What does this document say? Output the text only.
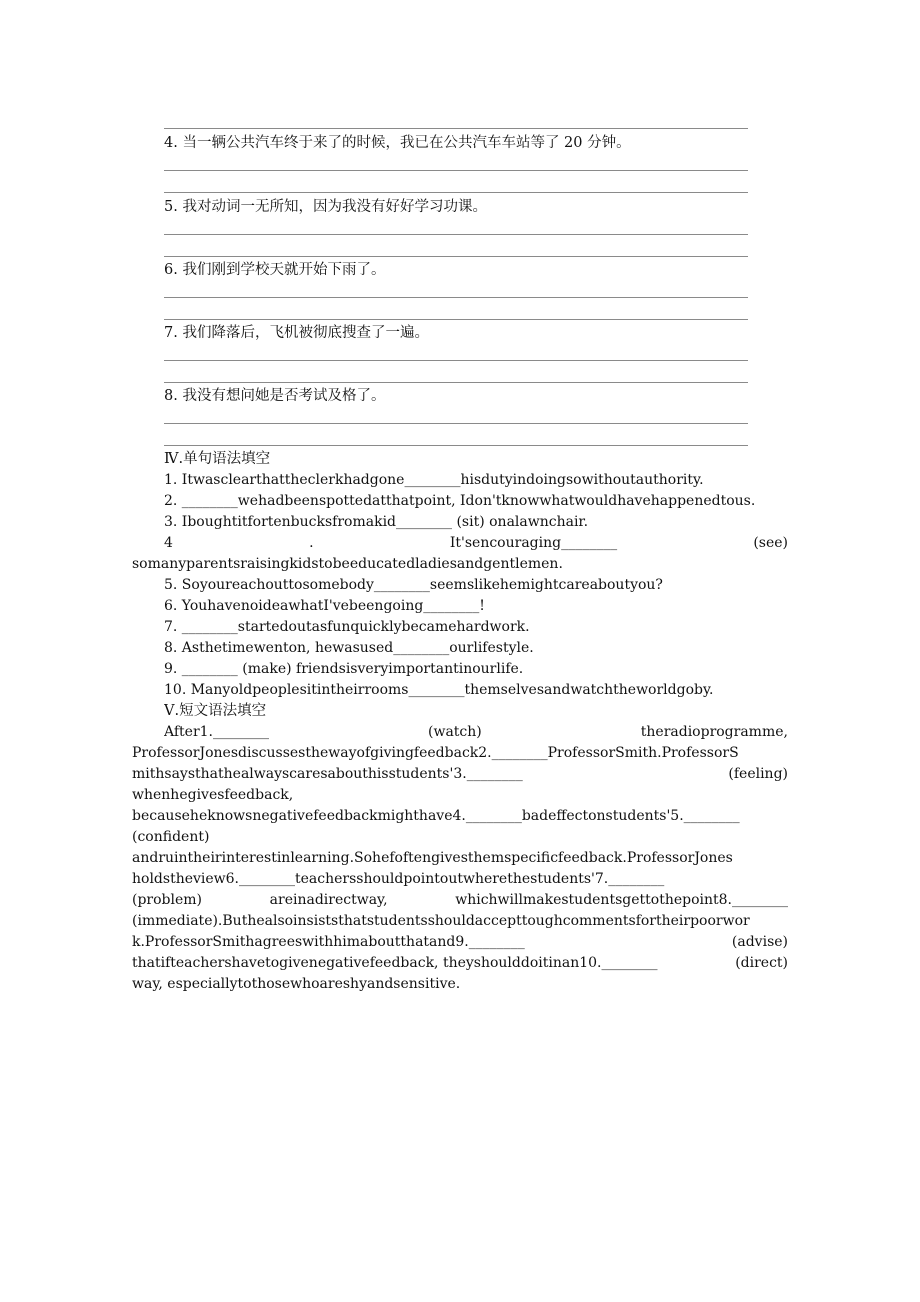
4. 当一辆公共汽车终于来了的时候，我已在公共汽车车站等了 20 分钟。
5. 我对动词一无所知，因为我没有好好学习功课。
6. 我们刚到学校天就开始下雨了。
7. 我们降落后，飞机被彻底搜查了一遍。
8. 我没有想问她是否考试及格了。
Ⅳ.单句语法填空
1. Itwasclearthattheclerkhadgone________hisdutyindoingsowithoutauthority.
2. ________wehadbeenspottedatthatpoint, Idon'tknowwhatwouldhavehappenedtous.
3. Iboughtitfortenbucksfromakid________ (sit) onalawnchair.
4	.	It'sencouraging________	(see)
somanyparentsraisingkidstobeeducatedladiesandgentlemen.
5. Soyoureachouttosomebody________seemslikehemightcareaboutyou?
6. YouhavenoideawhatI'vebeengoing________!
7. ________startedoutasfunquicklybecamehardwork.
8. Asthetimewenton, hewasused________ourlifestyle.
9. ________ (make) friendsisveryimportantinourlife.
10. Manyoldpeoplesitintheirrooms________themselvesandwatchtheworldgoby.
Ⅴ.短文语法填空
After1.________	(watch)	theradioprogramme,
ProfessorJonesdiscussesthewayofgivingfeedback2.________ProfessorSmith.ProfessorS
mithsaysthathealwayscaresabouthisstudents'3.________	(feeling)
whenhegivesfeedback,
becauseheknowsnegativefeedbackmighthave4.________badeffectonstudents'5.________
(confident)
andruintheirinterestinlearning.Sohefoftengivesthemspecificfeedback.ProfessorJones
holdstheview6.________teachersshouldpointoutwherethestudents'7.________
(problem)	areinadirectway,	whichwillmakestudentsgettothepoint8.________
(immediate).Buthealsoinsiststhatstudentsshouldaccepttoughcommentsfortheirpoorwor
k.ProfessorSmithagreeswithhimaboutthatand9.________	(advise)
thatifteachershavetogivenegativefeedback, theyshoulddoitinan10.________	(direct)
way, especiallytothosewhoareshyandsensitive.
